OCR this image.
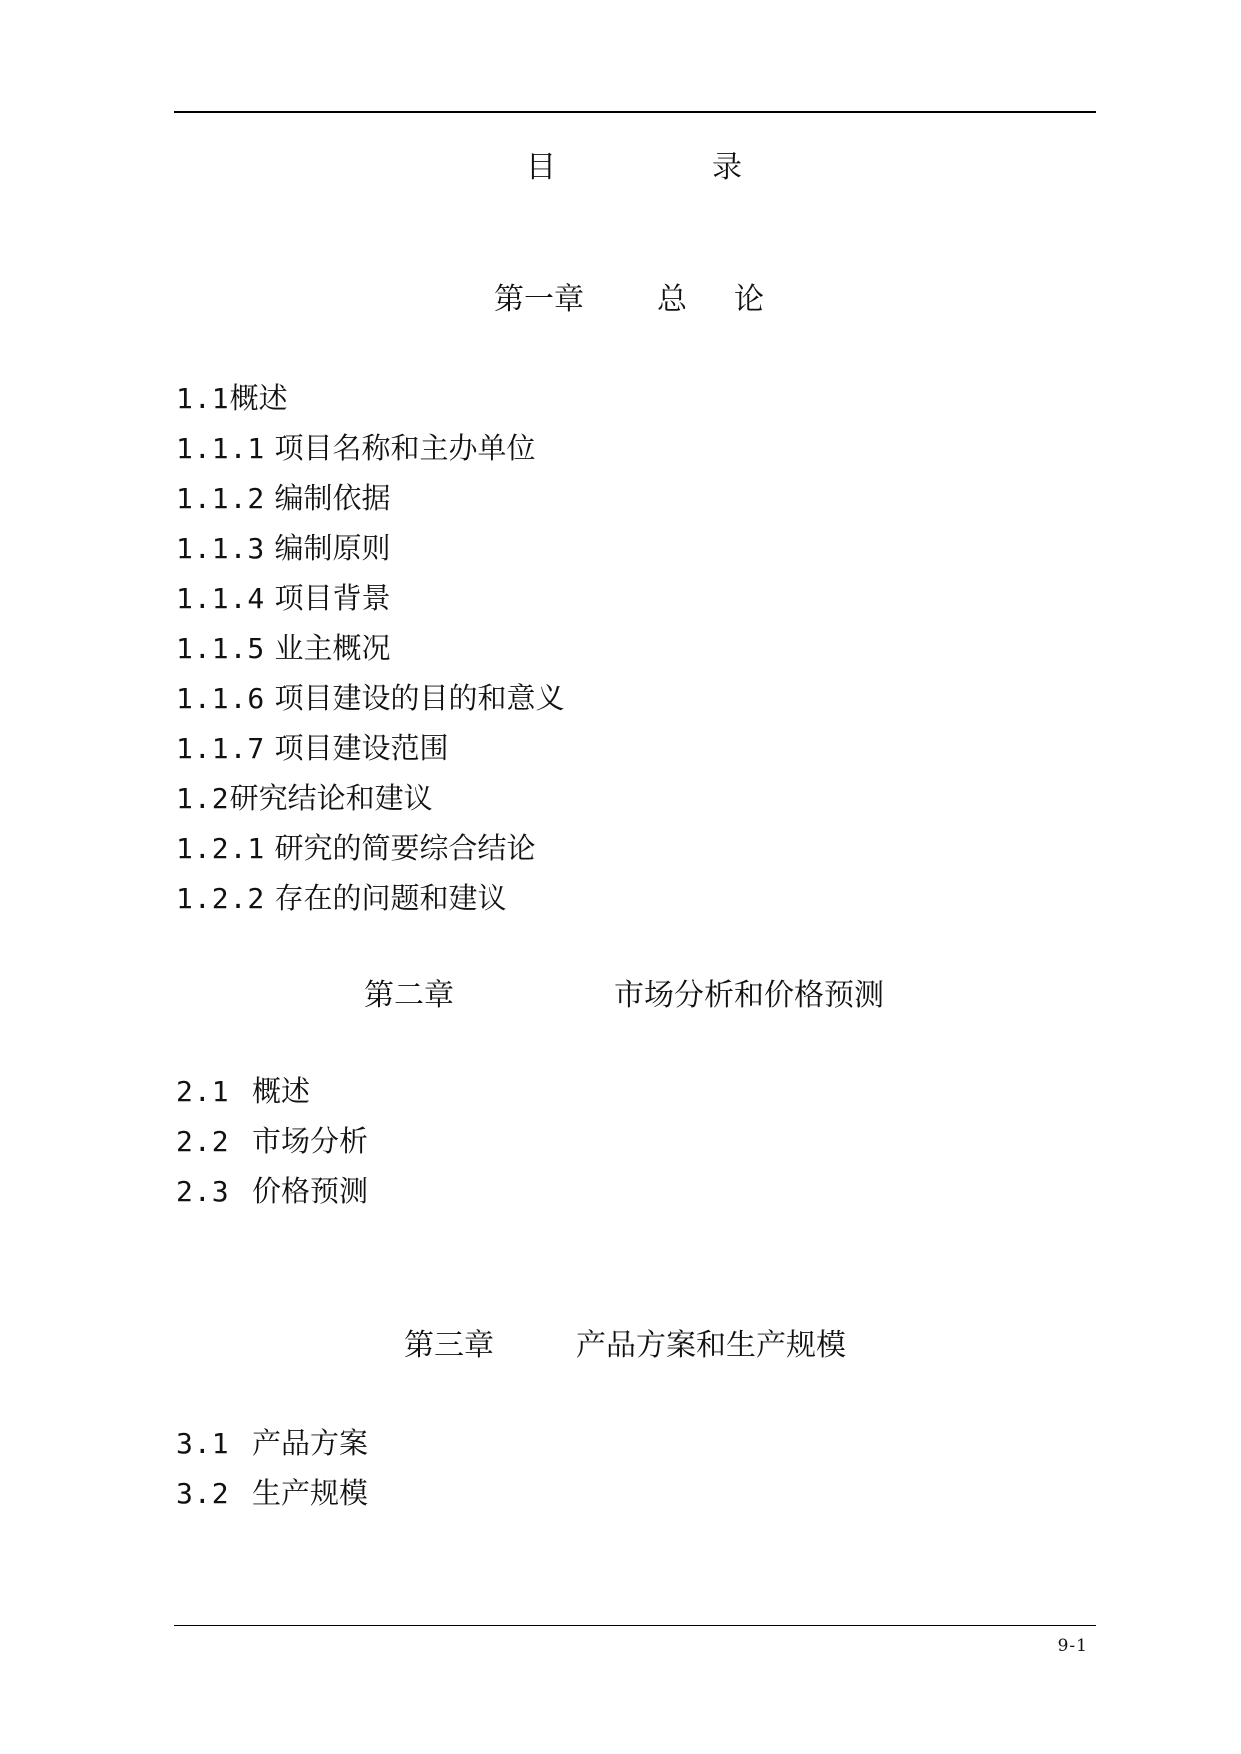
目	录
第一章 总 论
1.1概述
1.1.1 项目名称和主办单位
1.1.2 编制依据
1.1.3 编制原则
1.1.4 项目背景
1.1.5 业主概况
1.1.6 项目建设的目的和意义
1.1.7 项目建设范围
1.2研究结论和建议
1.2.1 研究的简要综合结论
1.2.2 存在的问题和建议
第二章	市场分析和价格预测
2.1 概述
2.2 市场分析
2.3 价格预测
第三章	产品方案和生产规模
3.1 产品方案
3.2 生产规模
9-1
